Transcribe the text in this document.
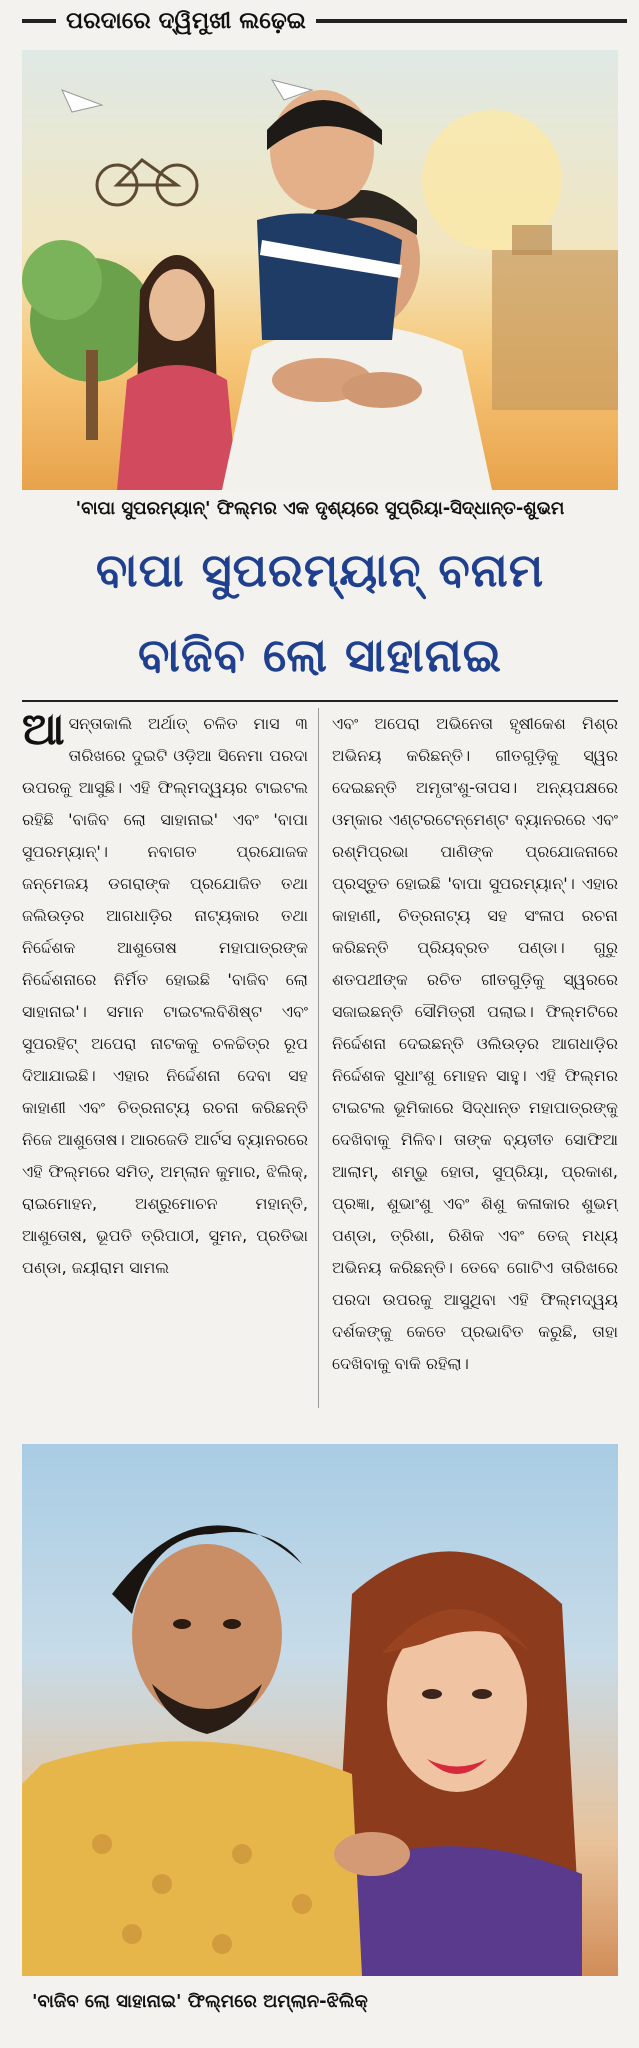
ପରଦାରେ ଦ୍ୱିମୁଖୀ ଲଢ଼େଇ
'ବାପା ସୁପରମ୍ୟାନ୍‌' ଫିଲ୍ମର ଏକ ଦୃଶ୍ୟରେ ସୁପ୍ରିୟା-ସିଦ୍ଧାନ୍ତ-ଶୁଭମ
ବାପା ସୁପରମ୍ୟାନ୍‌ ବନାମ
ବାଜିବ ଲୋ ସାହାନାଇ
ଆସନ୍ତାକାଲି ଅର୍ଥାତ୍‌ ଚଳିତ ମାସ ୩ ତାରିଖରେ ଦୁଇଟି ଓଡ଼ିଆ ସିନେମା ପରଦା ଉପରକୁ ଆସୁଛି। ଏହି ଫିଲ୍ମଦ୍ୱୟର ଟାଇଟଲ ରହିଛି 'ବାଜିବ ଲୋ ସାହାନାଇ' ଏବଂ 'ବାପା ସୁପରମ୍ୟାନ୍‌'। ନବାଗତ ପ୍ରଯୋଜକ ଜନ୍ମେଜୟ ଡଗରାଙ୍କ ପ୍ରଯୋଜିତ ତଥା ଜଲିଉଡ଼ର ଆଗଧାଡ଼ିର ନାଟ୍ୟକାର ତଥା ନିର୍ଦ୍ଦେଶକ ଆଶୁତୋଷ ମହାପାତ୍ରଙ୍କ ନିର୍ଦ୍ଦେଶନାରେ ନିର୍ମିତ ହୋଇଛି 'ବାଜିବ ଲୋ ସାହାନାଇ'। ସମାନ ଟାଇଟଲବିଶିଷ୍ଟ ଏବଂ ସୁପରହିଟ୍‌ ଅପେରା ନାଟକକୁ ଚଳଚ୍ଚିତ୍ର ରୂପ ଦିଆଯାଇଛି। ଏହାର ନିର୍ଦ୍ଦେଶନା ଦେବା ସହ କାହାଣୀ ଏବଂ ଚିତ୍ରନାଟ୍ୟ ରଚନା କରିଛନ୍ତି ନିଜେ ଆଶୁତୋଷ। ଆରଜେଡି ଆର୍ଟସ ବ୍ୟାନରରେ ଏହି ଫିଲ୍ମରେ ସମିତ୍‌, ଅମ୍ଲାନ କୁମାର, ଝିଲିକ୍‌, ରାଇମୋହନ, ଅଶ୍ରୁମୋଚନ ମହାନ୍ତି, ଆଶୁତୋଷ, ଭୂପତି ତ୍ରିପାଠୀ, ସୁମନ, ପ୍ରତିଭା ପଣ୍ଡା, ଜୟୀରାମ ସାମଲ
ଏବଂ ଅପେରା ଅଭିନେତା ହୃଷୀକେଶ ମିଶ୍ର ଅଭିନୟ କରିଛନ୍ତି। ଗୀତଗୁଡ଼ିକୁ ସ୍ୱର ଦେଇଛନ୍ତି ଅମୃତାଂଶୁ-ତାପସ। ଅନ୍ୟପକ୍ଷରେ ଓମ୍‌କାର ଏଣ୍ଟରଟେନ୍‌ମେଣ୍ଟ ବ୍ୟାନରରେ ଏବଂ ରଶ୍ମିପ୍ରଭା ପାଣିଙ୍କ ପ୍ରଯୋଜନାରେ ପ୍ରସ୍ତୁତ ହୋଇଛି 'ବାପା ସୁପରମ୍ୟାନ୍‌'। ଏହାର କାହାଣୀ, ଚିତ୍ରନାଟ୍ୟ ସହ ସଂଳାପ ରଚନା କରିଛନ୍ତି ପ୍ରିୟବ୍ରତ ପଣ୍ଡା। ଗୁରୁ ଶତପଥୀଙ୍କ ରଚିତ ଗୀତଗୁଡ଼ିକୁ ସ୍ୱରରେ ସଜାଇଛନ୍ତି ସୌମିତ୍ରୀ ପଲାଇ। ଫିଲ୍ମଟିରେ ନିର୍ଦ୍ଦେଶନା ଦେଇଛନ୍ତି ଓଲିଉଡ଼ର ଆଗଧାଡ଼ିର ନିର୍ଦ୍ଦେଶକ ସୁଧାଂଶୁ ମୋହନ ସାହୁ। ଏହି ଫିଲ୍ମର ଟାଇଟଲ ଭୂମିକାରେ ସିଦ୍ଧାନ୍ତ ମହାପାତ୍ରଙ୍କୁ ଦେଖିବାକୁ ମିଳିବ। ତାଙ୍କ ବ୍ୟତୀତ ସୋଫିଆ ଆଲାମ୍‌, ଶମ୍ଭୁ ହୋତା, ସୁପ୍ରିୟା, ପ୍ରକାଶ, ପ୍ରଜ୍ଞା, ଶୁଭାଂଶୁ ଏବଂ ଶିଶୁ କଳାକାର ଶୁଭମ୍‌ ପଣ୍ଡା, ତ୍ରିଶା, ରିଶିକ ଏବଂ ତେଜ୍‌ ମଧ୍ୟ ଅଭିନୟ କରିଛନ୍ତି। ତେବେ ଗୋଟିଏ ତାରିଖରେ ପରଦା ଉପରକୁ ଆସୁଥିବା ଏହି ଫିଲ୍ମଦ୍ୱୟ ଦର୍ଶକଙ୍କୁ କେତେ ପ୍ରଭାବିତ କରୁଛି, ତାହା ଦେଖିବାକୁ ବାକି ରହିଲା।
'ବାଜିବ ଲୋ ସାହାନାଇ' ଫିଲ୍ମରେ ଅମ୍ଲାନ-ଝିଲିକ୍‌
